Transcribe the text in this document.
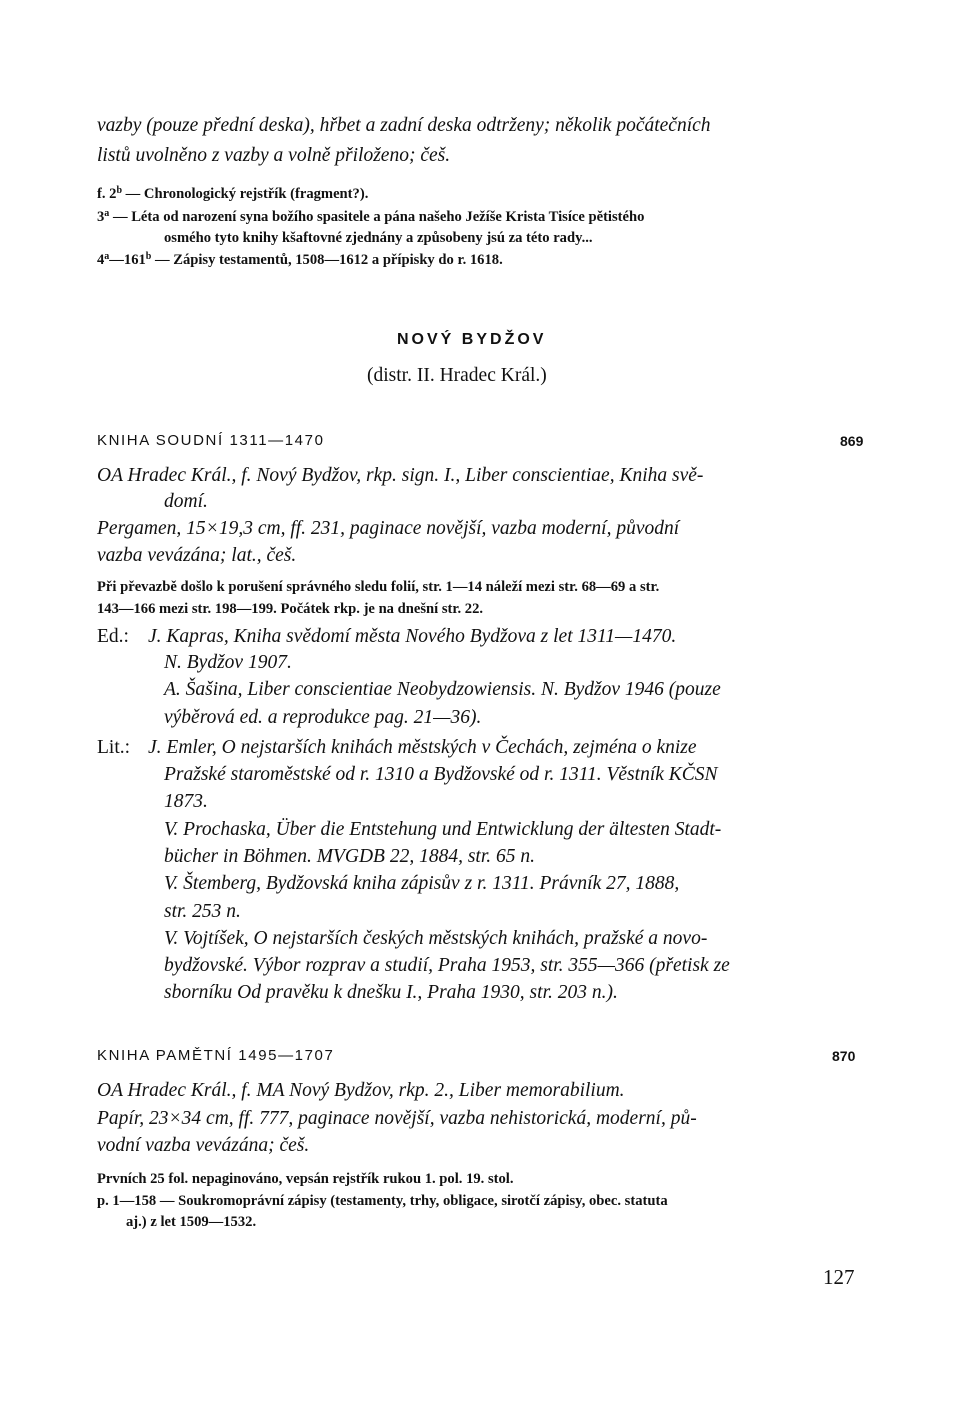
vazby (pouze přední deska), hřbet a zadní deska odtrženy; několik počátečních
listů uvolněno z vazby a volně přiloženo; češ.
f. 2$^b$ — Chronologický rejstřík (fragment?).
3$^a$ — Léta od narození syna božího spasitele a pána našeho Ježíše Krista Tisíce pětistého
osmého tyto knihy kšaftovné zjednány a způsobeny jsú za této rady...
4$^a$—161$^b$ — Zápisy testamentů, 1508—1612 a přípisky do r. 1618.
NOVÝ BYDŽOV
(distr. II. Hradec Král.)
KNIHA SOUDNÍ 1311—1470	869
OA Hradec Král., f. Nový Bydžov, rkp. sign. I., Liber conscientiae, Kniha svě-
domí.
Pergamen, 15×19,3 cm, ff. 231, paginace novější, vazba moderní, původní
vazba vevázána; lat., češ.
Při převazbě došlo k porušení správného sledu folií, str. 1—14 náleží mezi str. 68—69 a str.
143—166 mezi str. 198—199. Počátek rkp. je na dnešní str. 22.
Ed.: J. Kapras, Kniha svědomí města Nového Bydžova z let 1311—1470.
N. Bydžov 1907.
A. Šašina, Liber conscientiae Neobydzowiensis. N. Bydžov 1946 (pouze
výběrová ed. a reprodukce pag. 21—36).
Lit.: J. Emler, O nejstarších knihách městských v Čechách, zejména o knize
Pražské staroměstské od r. 1310 a Bydžovské od r. 1311. Věstník KČSN
1873.
V. Prochaska, Über die Entstehung und Entwicklung der ältesten Stadt-
bücher in Böhmen. MVGDB 22, 1884, str. 65 n.
V. Štemberg, Bydžovská kniha zápisův z r. 1311. Právník 27, 1888,
str. 253 n.
V. Vojtíšek, O nejstarších českých městských knihách, pražské a novo-
bydžovské. Výbor rozprav a studií, Praha 1953, str. 355—366 (přetisk ze
sborníku Od pravěku k dnešku I., Praha 1930, str. 203 n.).
KNIHA PAMĚTNÍ 1495—1707	870
OA Hradec Král., f. MA Nový Bydžov, rkp. 2., Liber memorabilium.
Papír, 23×34 cm, ff. 777, paginace novější, vazba nehistorická, moderní, pů-
vodní vazba vevázána; češ.
Prvních 25 fol. nepaginováno, vepsán rejstřík rukou 1. pol. 19. stol.
p. 1—158 — Soukromoprávní zápisy (testamenty, trhy, obligace, sirotčí zápisy, obec. statuta
aj.) z let 1509—1532.
127
